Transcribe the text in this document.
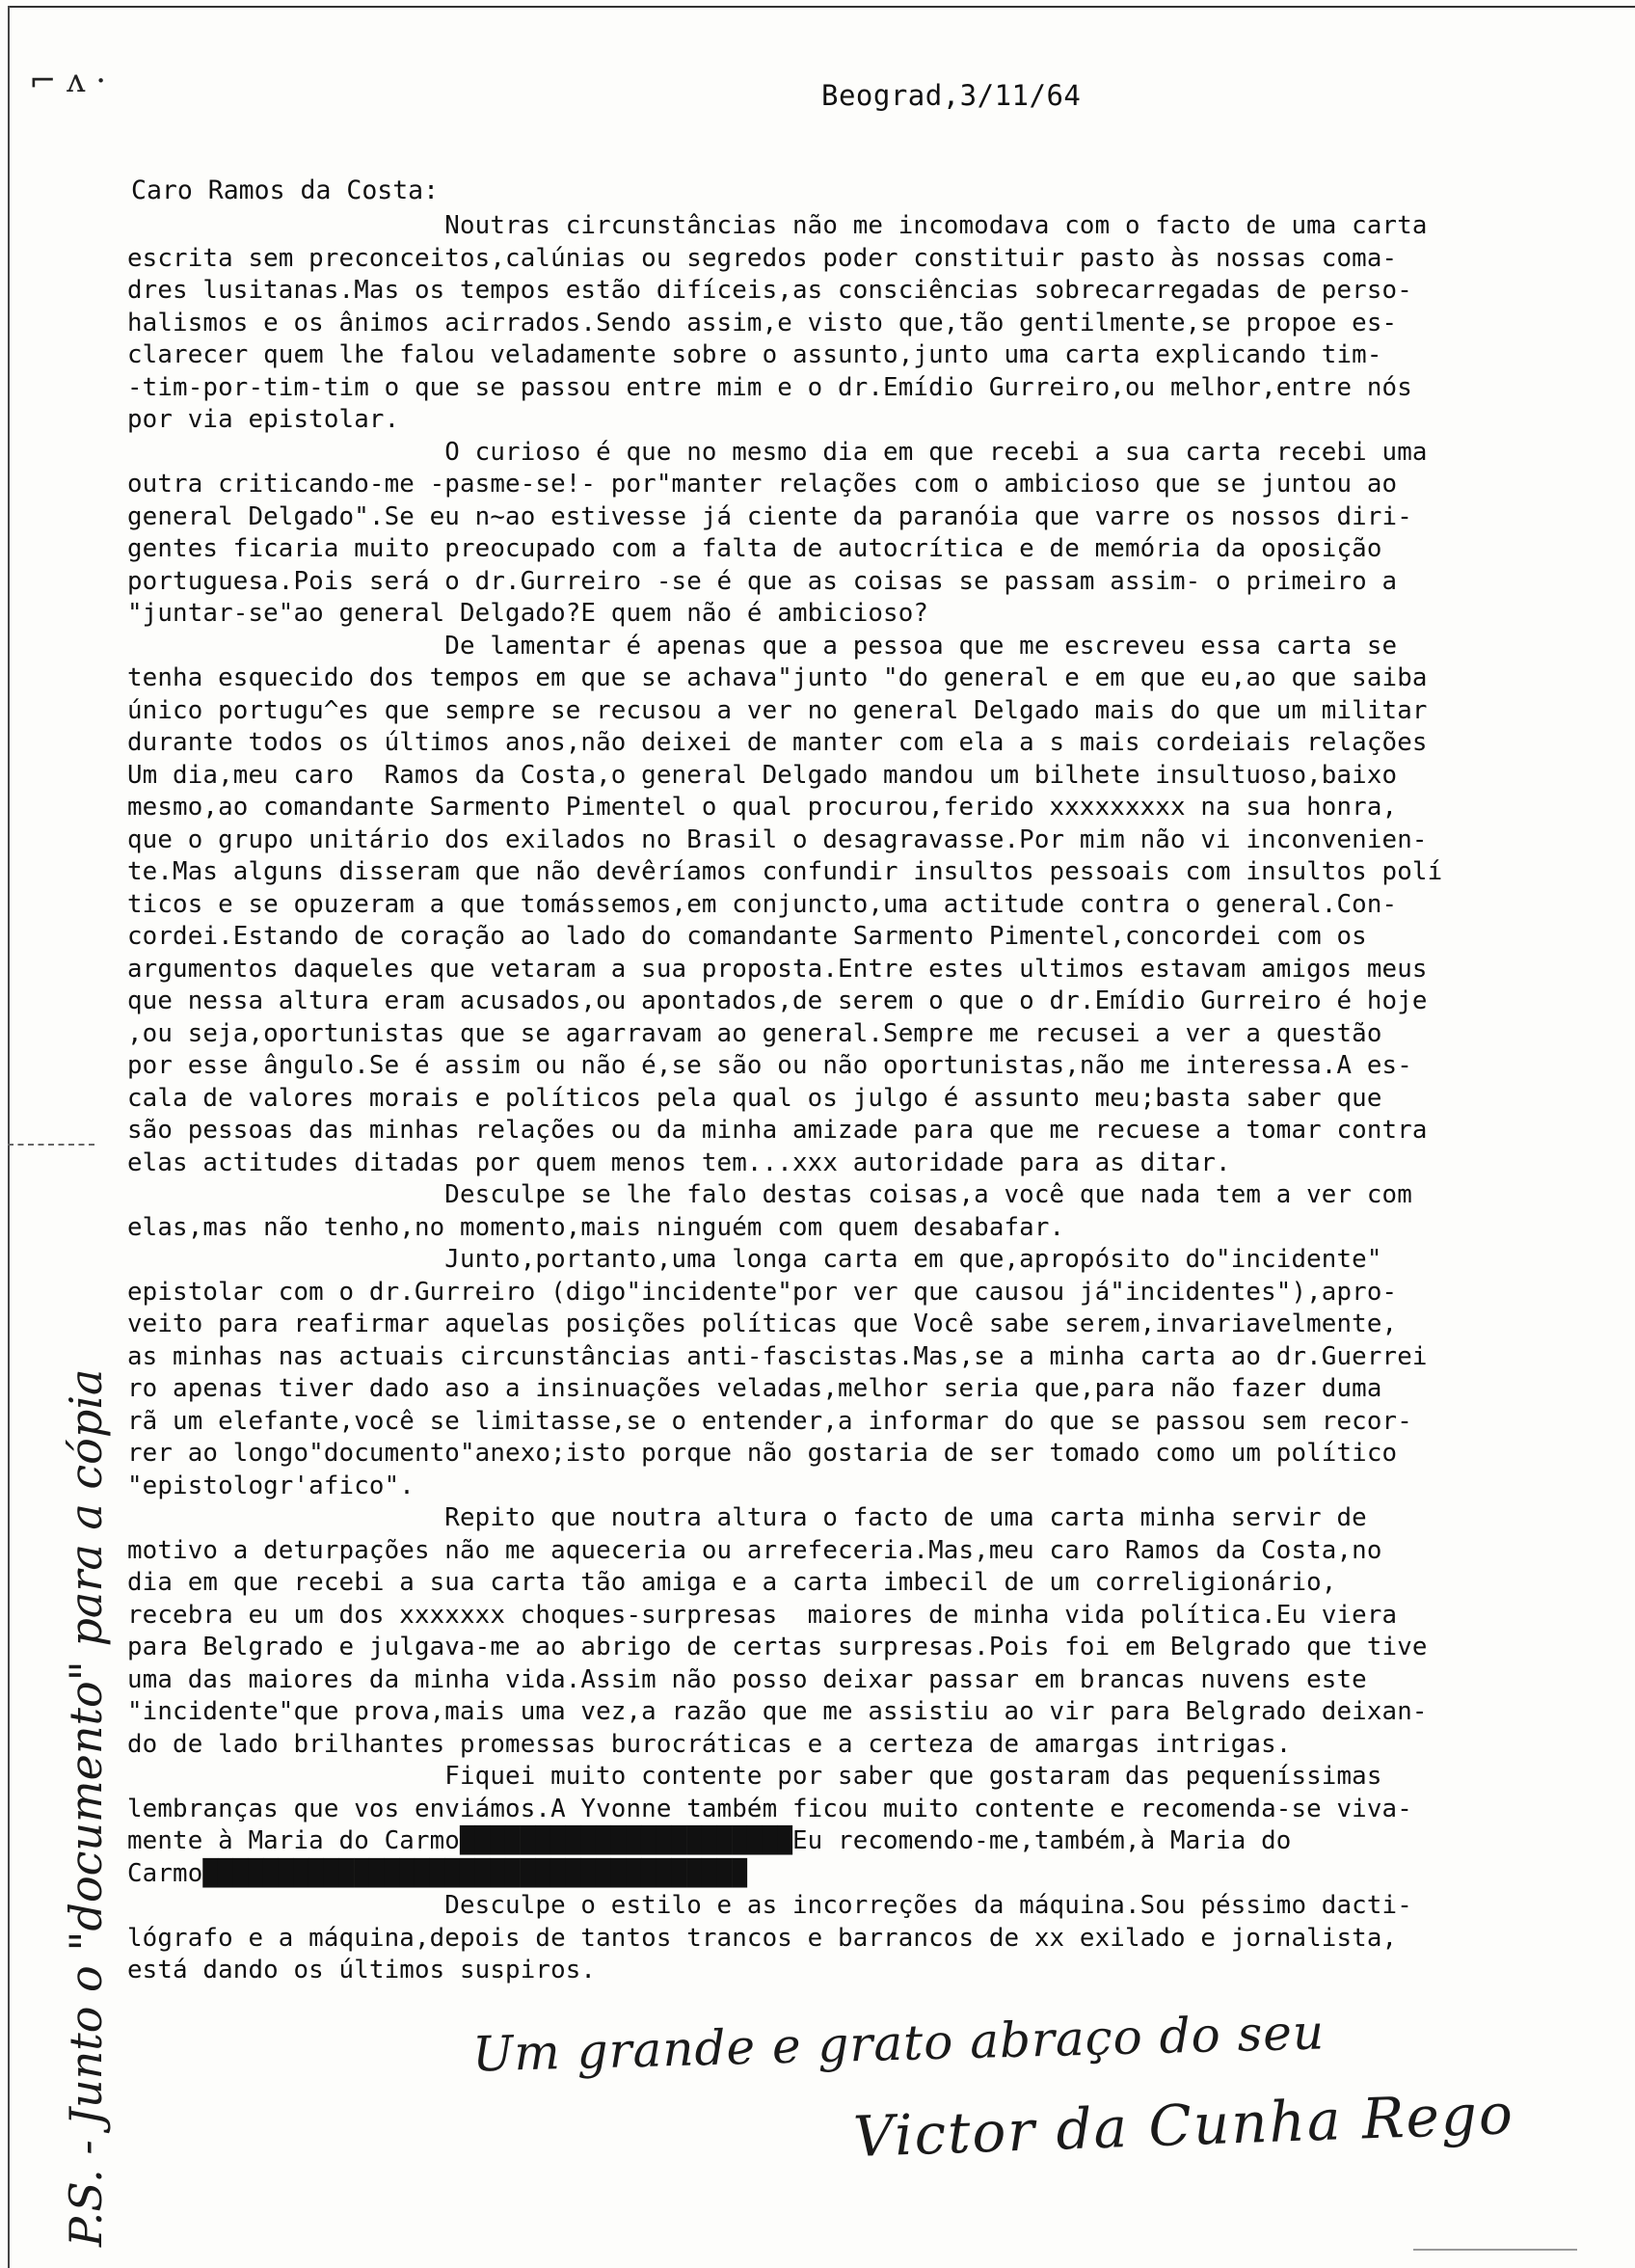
⌐ ʌ ·	Beograd,3/11/64
Caro Ramos da Costa:
Noutras circunstâncias não me incomodava com o facto de uma carta
escrita sem preconceitos,calúnias ou segredos poder constituir pasto às nossas coma-
dres lusitanas.Mas os tempos estão difíceis,as consciências sobrecarregadas de perso-
halismos e os ânimos acirrados.Sendo assim,e visto que,tão gentilmente,se propoe es-
clarecer quem lhe falou veladamente sobre o assunto,junto uma carta explicando tim-
-tim-por-tim-tim o que se passou entre mim e o dr.Emídio Gurreiro,ou melhor,entre nós
por via epistolar.
O curioso é que no mesmo dia em que recebi a sua carta recebi uma
outra criticando-me -pasme-se!- por"manter relações com o ambicioso que se juntou ao
general Delgado".Se eu n~ao estivesse já ciente da paranóia que varre os nossos diri-
gentes ficaria muito preocupado com a falta de autocrítica e de memória da oposição
portuguesa.Pois será o dr.Gurreiro -se é que as coisas se passam assim- o primeiro a
"juntar-se"ao general Delgado?E quem não é ambicioso?
De lamentar é apenas que a pessoa que me escreveu essa carta se
tenha esquecido dos tempos em que se achava"junto "do general e em que eu,ao que saiba
único portugu^es que sempre se recusou a ver no general Delgado mais do que um militar
durante todos os últimos anos,não deixei de manter com ela a s mais cordeiais relações
Um dia,meu caro  Ramos da Costa,o general Delgado mandou um bilhete insultuoso,baixo
mesmo,ao comandante Sarmento Pimentel o qual procurou,ferido xxxxxxxxx na sua honra,
que o grupo unitário dos exilados no Brasil o desagravasse.Por mim não vi inconvenien-
te.Mas alguns disseram que não devêríamos confundir insultos pessoais com insultos polí
ticos e se opuzeram a que tomássemos,em conjuncto,uma actitude contra o general.Con-
cordei.Estando de coração ao lado do comandante Sarmento Pimentel,concordei com os
argumentos daqueles que vetaram a sua proposta.Entre estes ultimos estavam amigos meus
que nessa altura eram acusados,ou apontados,de serem o que o dr.Emídio Gurreiro é hoje
,ou seja,oportunistas que se agarravam ao general.Sempre me recusei a ver a questão
por esse ângulo.Se é assim ou não é,se são ou não oportunistas,não me interessa.A es-
cala de valores morais e políticos pela qual os julgo é assunto meu;basta saber que
são pessoas das minhas relações ou da minha amizade para que me recuese a tomar contra
elas actitudes ditadas por quem menos tem...xxx autoridade para as ditar.
Desculpe se lhe falo destas coisas,a você que nada tem a ver com
elas,mas não tenho,no momento,mais ninguém com quem desabafar.
Junto,portanto,uma longa carta em que,apropósito do"incidente"
epistolar com o dr.Gurreiro (digo"incidente"por ver que causou já"incidentes"),apro-
veito para reafirmar aquelas posições políticas que Você sabe serem,invariavelmente,
as minhas nas actuais circunstâncias anti-fascistas.Mas,se a minha carta ao dr.Guerrei
ro apenas tiver dado aso a insinuações veladas,melhor seria que,para não fazer duma
rã um elefante,você se limitasse,se o entender,a informar do que se passou sem recor-
rer ao longo"documento"anexo;isto porque não gostaria de ser tomado como um político
"epistologr'afico".
Repito que noutra altura o facto de uma carta minha servir de
motivo a deturpações não me aqueceria ou arrefeceria.Mas,meu caro Ramos da Costa,no
dia em que recebi a sua carta tão amiga e a carta imbecil de um correligionário,
recebra eu um dos xxxxxxx choques-surpresas  maiores de minha vida política.Eu viera
para Belgrado e julgava-me ao abrigo de certas surpresas.Pois foi em Belgrado que tive
uma das maiores da minha vida.Assim não posso deixar passar em brancas nuvens este
"incidente"que prova,mais uma vez,a razão que me assistiu ao vir para Belgrado deixan-
do de lado brilhantes promessas burocráticas e a certeza de amargas intrigas.
Fiquei muito contente por saber que gostaram das pequeníssimas
lembranças que vos enviámos.A Yvonne também ficou muito contente e recomenda-se viva-
mente à Maria do Carmo██████████████████████Eu recomendo-me,também,à Maria do
Carmo████████████████████████████████████
Desculpe o estilo e as incorreções da máquina.Sou péssimo dacti-
lógrafo e a máquina,depois de tantos trancos e barrancos de xx exilado e jornalista,
está dando os últimos suspiros.
Um grande e grato abraço do seu
Victor da Cunha Rego
P.S. - Junto o "documento" para a cópia
